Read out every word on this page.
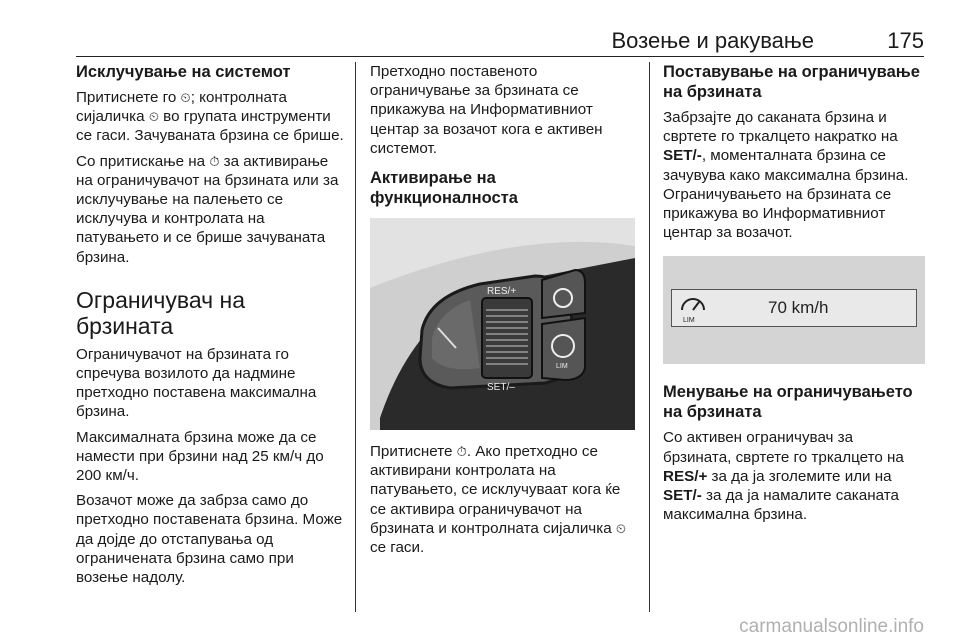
Возење и ракување	175
Исклучување на системот

Притиснете го ⏲; контролната сијаличка ⏲ во групата инструменти се гаси. Зачуваната брзина се брише.

Со притискање на ⏱ за активирање на ограничувачот на брзината или за исклучување на палењето се исклучува и контролата на патувањето и се брише зачуваната брзина.

Ограничувач на брзината

Ограничувачот на брзината го спречува возилото да надмине претходно поставена максимална брзина.

Максималната брзина може да се намести при брзини над 25 км/ч до 200 км/ч.

Возачот може да забрза само до претходно поставената брзина. Може да дојде до отстапувања од ограничената брзина само при возење надолу.

Претходно поставеното ограничување за брзината се прикажува на Информативниот центар за возачот кога е активен системот.

Активирање на функционалноста
RES/+
SET/–
LIM

Притиснете ⏱. Ако претходно се активирани контролата на патувањето, се исклучуваат кога ќе се активира ограничувачот на брзината и контролната сијаличка ⏲ се гаси.

Поставување на ограничување на брзината

Забрзајте до саканата брзина и свртете го тркалцето накратко на SET/-, моменталната брзина се зачувува како максимална брзина. Ограничувањето на брзината се прикажува во Информативниот центар за возачот.

LIM
70 km/h
Менување на ограничувањето на брзината

Со активен ограничувач за брзината, свртете го тркалцето на RES/+ за да ја зголемите или на SET/- за да ја намалите саканата максимална брзина.

carmanualsonline.info
